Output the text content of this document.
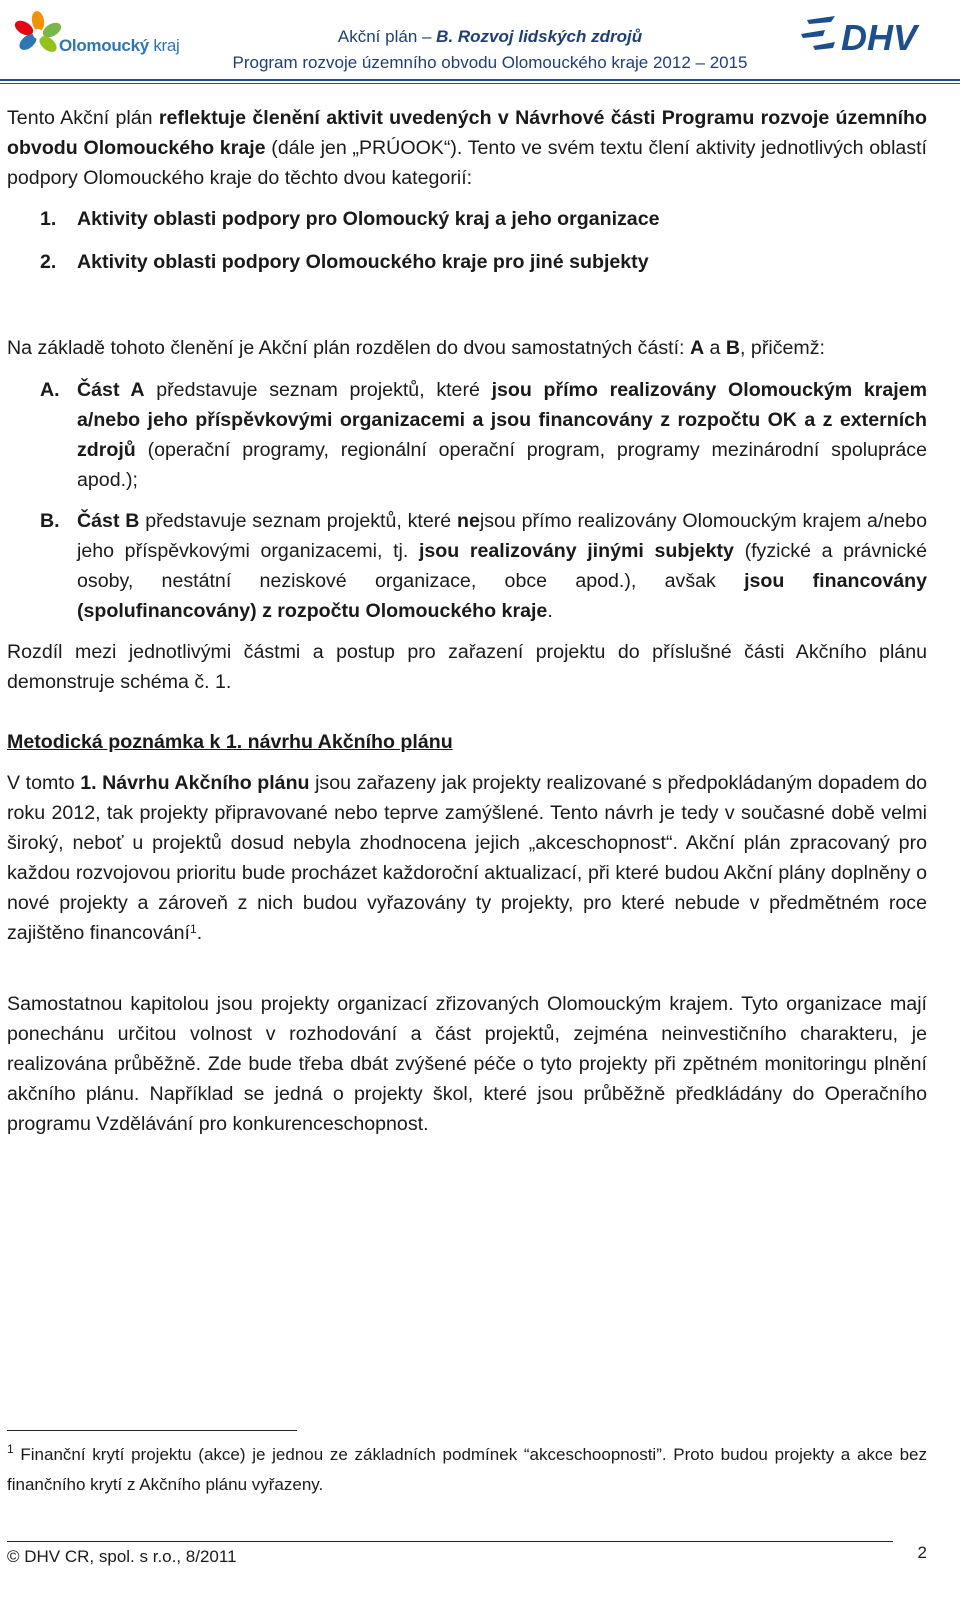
Olomoucký kraj	Akční plán – B. Rozvoj lidských zdrojů
Program rozvoje územního obvodu Olomouckého kraje 2012 – 2015
DHV
Tento Akční plán reflektuje členění aktivit uvedených v Návrhové části Programu rozvoje územního obvodu Olomouckého kraje (dále jen „PRÚOOK“). Tento ve svém textu člení aktivity jednotlivých oblastí podpory Olomouckého kraje do těchto dvou kategorií:
1.	Aktivity oblasti podpory pro Olomoucký kraj a jeho organizace
2.	Aktivity oblasti podpory Olomouckého kraje pro jiné subjekty
Na základě tohoto členění je Akční plán rozdělen do dvou samostatných částí: A a B, přičemž:
A. Část A představuje seznam projektů, které jsou přímo realizovány Olomouckým krajem a/nebo jeho příspěvkovými organizacemi a jsou financovány z rozpočtu OK a z externích zdrojů (operační programy, regionální operační program, programy mezinárodní spolupráce apod.);
B. Část B představuje seznam projektů, které nejsou přímo realizovány Olomouckým krajem a/nebo jeho příspěvkovými organizacemi, tj. jsou realizovány jinými subjekty (fyzické a právnické osoby, nestátní neziskové organizace, obce apod.), avšak jsou financovány (spolufinancovány) z rozpočtu Olomouckého kraje.
Rozdíl mezi jednotlivými částmi a postup pro zařazení projektu do příslušné části Akčního plánu demonstruje schéma č. 1.
Metodická poznámka k 1. návrhu Akčního plánu
V tomto 1. Návrhu Akčního plánu jsou zařazeny jak projekty realizované s předpokládaným dopadem do roku 2012, tak projekty připravované nebo teprve zamýšlené. Tento návrh je tedy v současné době velmi široký, neboť u projektů dosud nebyla zhodnocena jejich „akceschopnost“. Akční plán zpracovaný pro každou rozvojovou prioritu bude procházet každoroční aktualizací, při které budou Akční plány doplněny o nové projekty a zároveň z nich budou vyřazovány ty projekty, pro které nebude v předmětném roce zajištěno financování$^1$.
Samostatnou kapitolou jsou projekty organizací zřizovaných Olomouckým krajem. Tyto organizace mají ponechánu určitou volnost v rozhodování a část projektů, zejména neinvestičního charakteru, je realizována průběžně. Zde bude třeba dbát zvýšené péče o tyto projekty při zpětném monitoringu plnění akčního plánu. Například se jedná o projekty škol, které jsou průběžně předkládány do Operačního programu Vzdělávání pro konkurenceschopnost.
$^1$ Finanční krytí projektu (akce) je jednou ze základních podmínek “akceschoopnosti”. Proto budou projekty a akce bez finančního krytí z Akčního plánu vyřazeny.
© DHV CR, spol. s r.o., 8/2011	2
